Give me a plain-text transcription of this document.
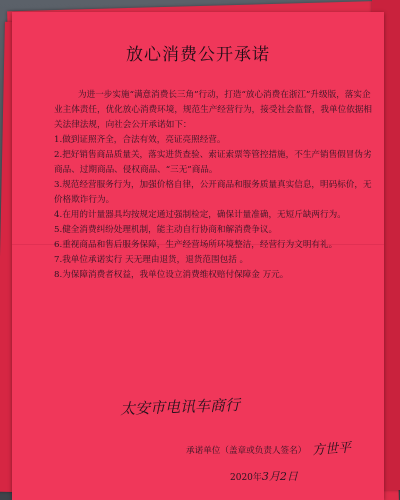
放心消费公开承诺

为进一步实施“满意消费长三角”行动，打造“放心消费在浙江”升级版，落实企业主体责任，优化放心消费环境，规范生产经营行为，接受社会监督，我单位依据相关法律法规，向社会公开承诺如下：

1.做到证照齐全，合法有效，亮证亮照经营。

2.把好销售商品质量关，落实进货查验、索证索票等管控措施，不生产销售假冒伪劣商品、过期商品、侵权商品、“三无”商品。

3.规范经营服务行为，加强价格自律，公开商品和服务质量真实信息，明码标价，无价格欺诈行为。

4.在用的计量器具均按规定通过强制检定，确保计量准确，无短斤缺两行为。

5.健全消费纠纷处理机制，能主动自行协商和解消费争议。

6.重视商品和售后服务保障，生产经营场所环境整洁，经营行为文明有礼。

7.我单位承诺实行 天无理由退货，退货范围包括 。

8.为保障消费者权益，我单位设立消费维权赔付保障金 万元。

太安市电讯车商行
承诺单位（盖章或负责人签名） 方世平
2020年3月2日
